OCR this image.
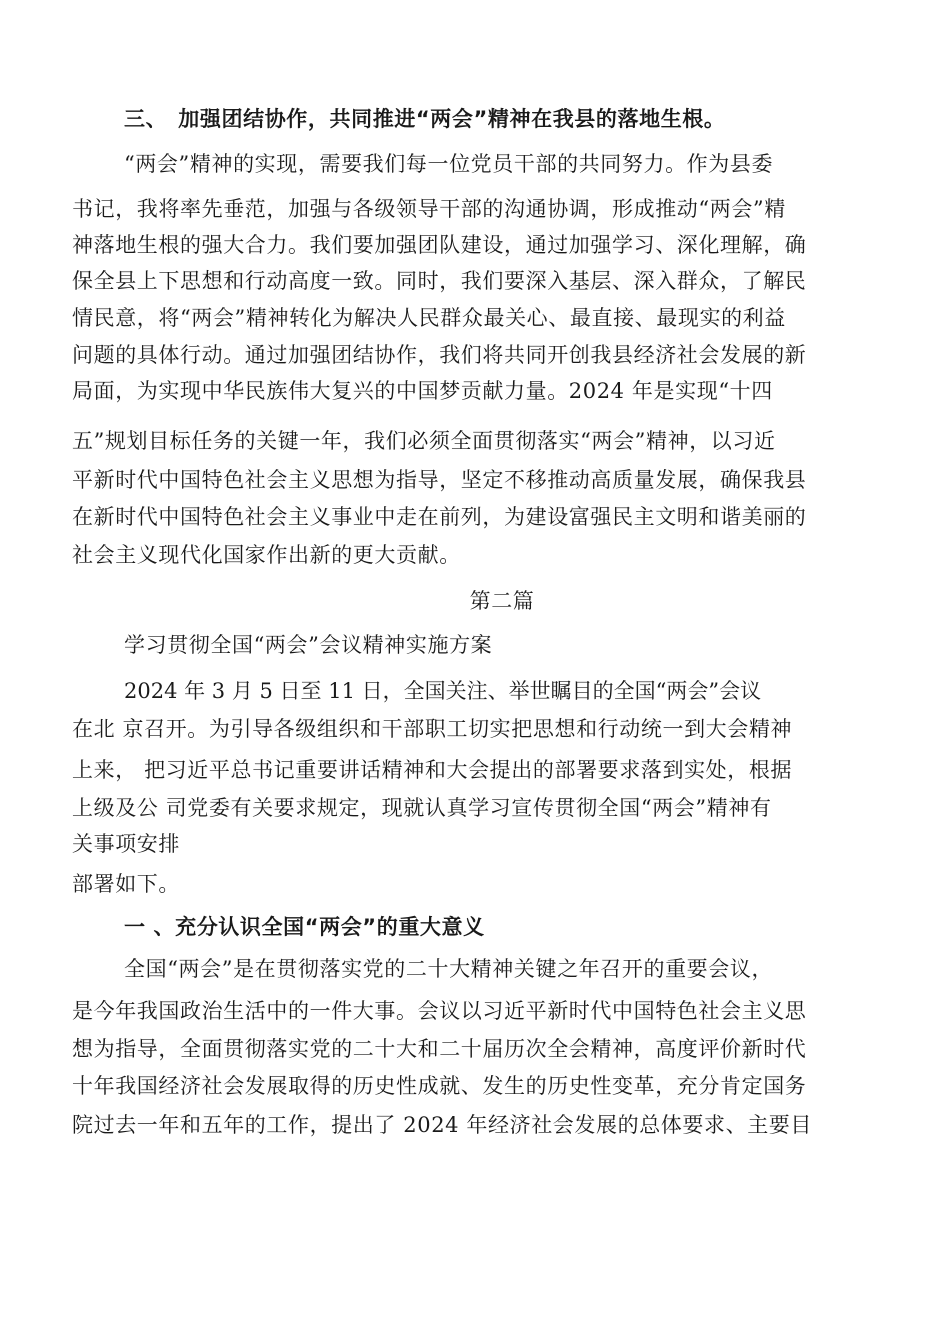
三、　加强团结协作，共同推进“两会”精神在我县的落地生根。
“两会”精神的实现，需要我们每一位党员干部的共同努力。作为县委
书记，我将率先垂范，加强与各级领导干部的沟通协调，形成推动“两会”精
神落地生根的强大合力。我们要加强团队建设，通过加强学习、深化理解，确
保全县上下思想和行动高度一致。同时，我们要深入基层、深入群众，了解民
情民意，将“两会”精神转化为解决人民群众最关心、最直接、最现实的利益
问题的具体行动。通过加强团结协作，我们将共同开创我县经济社会发展的新
局面，为实现中华民族伟大复兴的中国梦贡献力量。2024 年是实现“十四
五”规划目标任务的关键一年，我们必须全面贯彻落实“两会”精神，以习近
平新时代中国特色社会主义思想为指导，坚定不移推动高质量发展，确保我县
在新时代中国特色社会主义事业中走在前列，为建设富强民主文明和谐美丽的
社会主义现代化国家作出新的更大贡献。
第二篇
学习贯彻全国“两会”会议精神实施方案
2024 年 3 月 5 日至 11 日，全国关注、举世瞩目的全国“两会”会议
在北 京召开。为引导各级组织和干部职工切实把思想和行动统一到大会精神
上来， 把习近平总书记重要讲话精神和大会提出的部署要求落到实处，根据
上级及公 司党委有关要求规定，现就认真学习宣传贯彻全国“两会”精神有
关事项安排
部署如下。
一 、充分认识全国“两会”的重大意义
全国“两会”是在贯彻落实党的二十大精神关键之年召开的重要会议，
是今年我国政治生活中的一件大事。会议以习近平新时代中国特色社会主义思
想为指导，全面贯彻落实党的二十大和二十届历次全会精神，高度评价新时代
十年我国经济社会发展取得的历史性成就、发生的历史性变革，充分肯定国务
院过去一年和五年的工作，提出了 2024 年经济社会发展的总体要求、主要目
